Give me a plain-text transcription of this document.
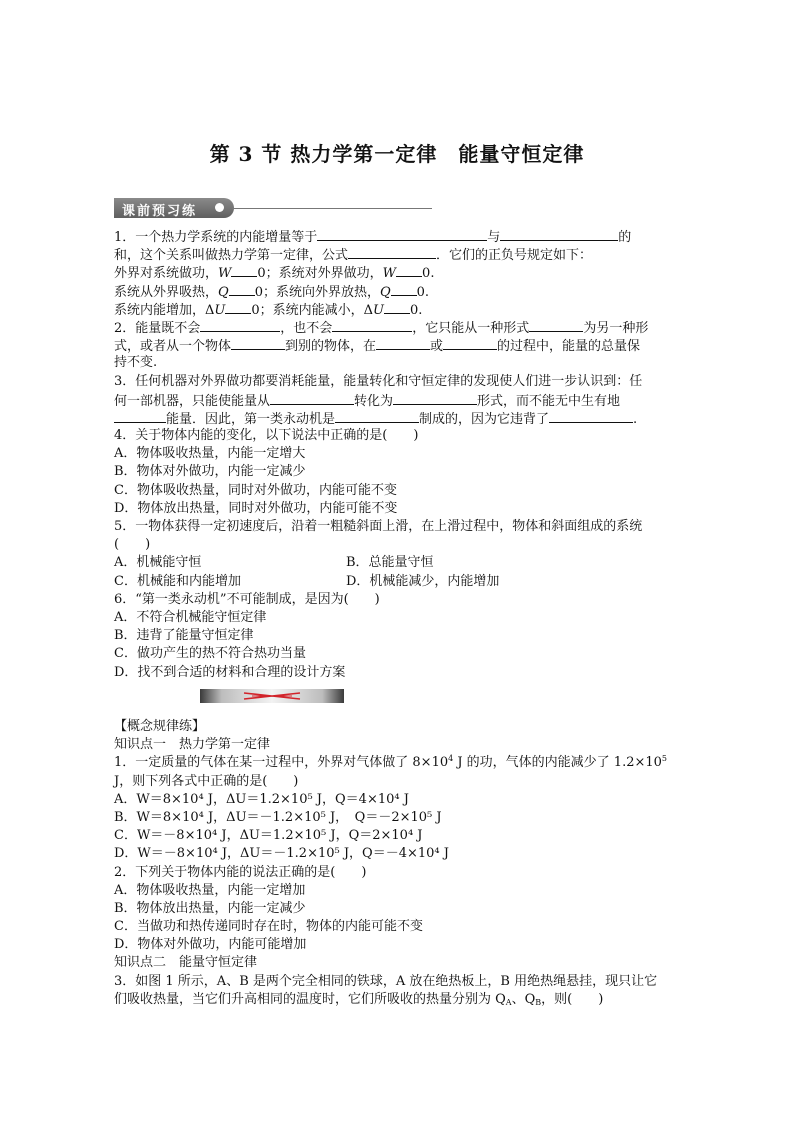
第 3 节 热力学第一定律　能量守恒定律
课前预习练
1．一个热力学系统的内能增量等于	与	的
和，这个关系叫做热力学第一定律，公式	．它们的正负号规定如下：
外界对系统做功，W 0；系统对外界做功，W 0.
系统从外界吸热，Q 0；系统向外界放热，Q 0.
系统内能增加，ΔU 0；系统内能减小，ΔU 0.
2．能量既不会	，也不会	，它只能从一种形式	为另一种形
式，或者从一个物体	到别的物体，在	或	的过程中，能量的总量保
持不变.
3．任何机器对外界做功都要消耗能量，能量转化和守恒定律的发现使人们进一步认识到：任
何一部机器，只能使能量从	转化为	形式，而不能无中生有地
能量．因此，第一类永动机是	制成的，因为它违背了	.
4．关于物体内能的变化，以下说法中正确的是(　　)
A．物体吸收热量，内能一定增大
B．物体对外做功，内能一定减少
C．物体吸收热量，同时对外做功，内能可能不变
D．物体放出热量，同时对外做功，内能可能不变
5．一物体获得一定初速度后，沿着一粗糙斜面上滑，在上滑过程中，物体和斜面组成的系统
(　　)
A．机械能守恒	B．总能量守恒
C．机械能和内能增加	D．机械能减少，内能增加
6．“第一类永动机”不可能制成，是因为(　　)
A．不符合机械能守恒定律
B．违背了能量守恒定律
C．做功产生的热不符合热功当量
D．找不到合适的材料和合理的设计方案
【概念规律练】
知识点一　热力学第一定律
1．一定质量的气体在某一过程中，外界对气体做了 $8\times 10^4$ J 的功，气体的内能减少了 $1.2\times 10^5$
J，则下列各式中正确的是(　　)
A．W＝8×10⁴ J，ΔU＝1.2×10⁵ J，Q＝4×10⁴ J
B．W＝8×10⁴ J，ΔU＝－1.2×10⁵ J，　Q＝－2×10⁵ J
C．W＝－8×10⁴ J，ΔU＝1.2×10⁵ J，Q＝2×10⁴ J
D．W＝－8×10⁴ J，ΔU＝－1.2×10⁵ J，Q＝－4×10⁴ J
2．下列关于物体内能的说法正确的是(　　)
A．物体吸收热量，内能一定增加
B．物体放出热量，内能一定减少
C．当做功和热传递同时存在时，物体的内能可能不变
D．物体对外做功，内能可能增加
知识点二　能量守恒定律
3．如图 1 所示，A、B 是两个完全相同的铁球，A 放在绝热板上，B 用绝热绳悬挂，现只让它
们吸收热量，当它们升高相同的温度时，它们所吸收的热量分别为 $Q_A$、$Q_B$，则(　　)
